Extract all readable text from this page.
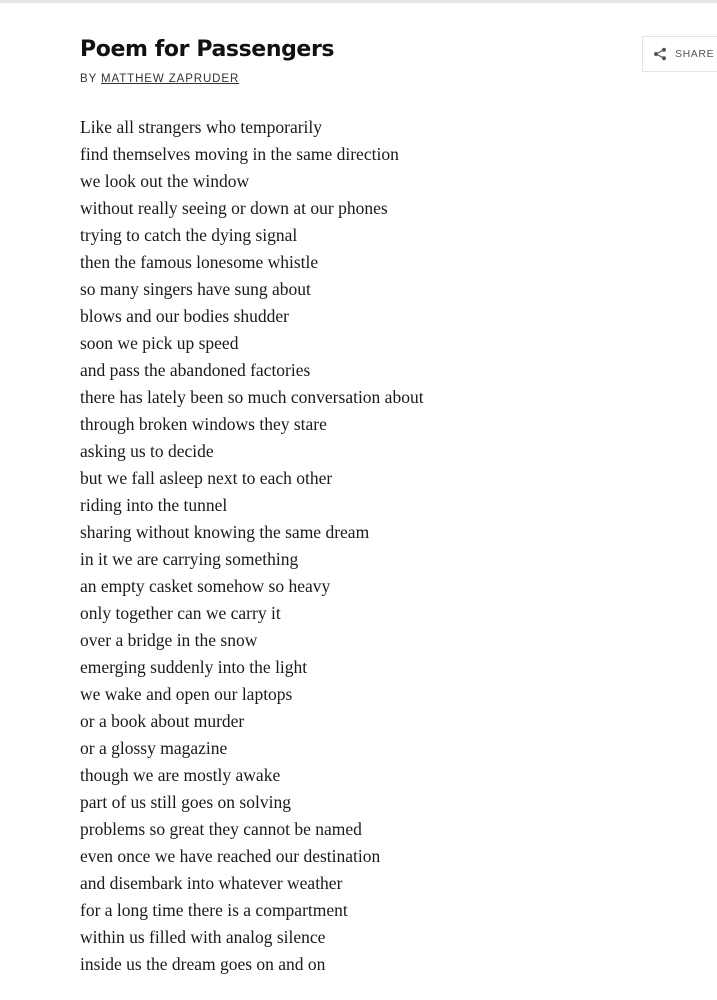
Poem for Passengers
BY MATTHEW ZAPRUDER
SHARE
Like all strangers who temporarily
find themselves moving in the same direction
we look out the window
without really seeing or down at our phones
trying to catch the dying signal
then the famous lonesome whistle
so many singers have sung about
blows and our bodies shudder
soon we pick up speed
and pass the abandoned factories
there has lately been so much conversation about
through broken windows they stare
asking us to decide
but we fall asleep next to each other
riding into the tunnel
sharing without knowing the same dream
in it we are carrying something
an empty casket somehow so heavy
only together can we carry it
over a bridge in the snow
emerging suddenly into the light
we wake and open our laptops
or a book about murder
or a glossy magazine
though we are mostly awake
part of us still goes on solving
problems so great they cannot be named
even once we have reached our destination
and disembark into whatever weather
for a long time there is a compartment
within us filled with analog silence
inside us the dream goes on and on
